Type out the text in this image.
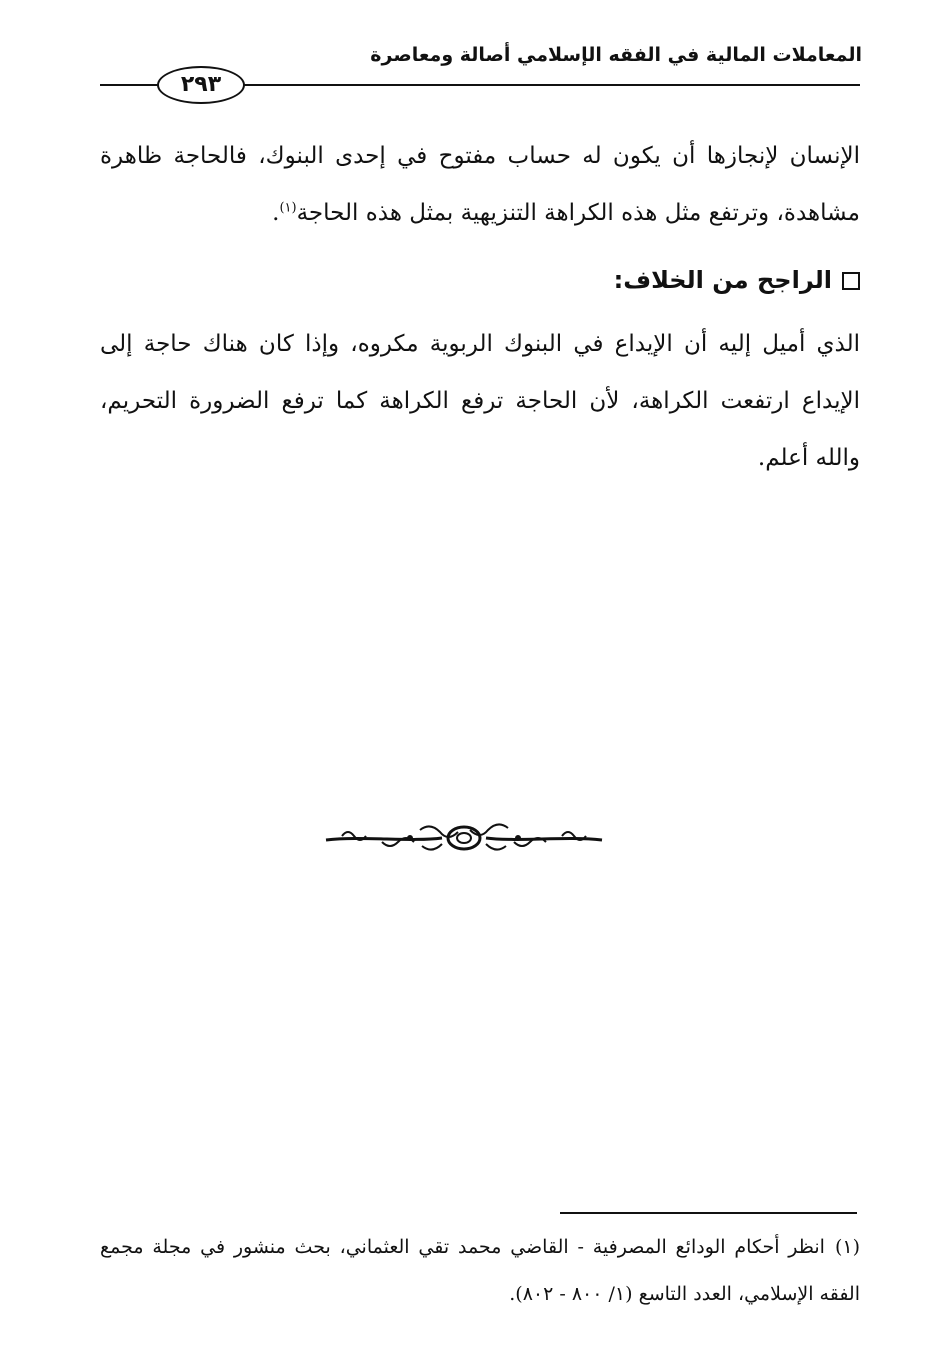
المعاملات المالية في الفقه الإسلامي أصالة ومعاصرة
٢٩٣

الإنسان لإنجازها أن يكون له حساب مفتوح في إحدى البنوك، فالحاجة ظاهرة مشاهدة، وترتفع مثل هذه الكراهة التنزيهية بمثل هذه الحاجة$^{(١)}$.

الراجح من الخلاف:

الذي أميل إليه أن الإيداع في البنوك الربوية مكروه، وإذا كان هناك حاجة إلى الإيداع ارتفعت الكراهة، لأن الحاجة ترفع الكراهة كما ترفع الضرورة التحريم، والله أعلم.

(١)انظر أحكام الودائع المصرفية - القاضي محمد تقي العثماني، بحث منشور في مجلة مجمع الفقه الإسلامي، العدد التاسع (١/ ٨٠٠ - ٨٠٢).
